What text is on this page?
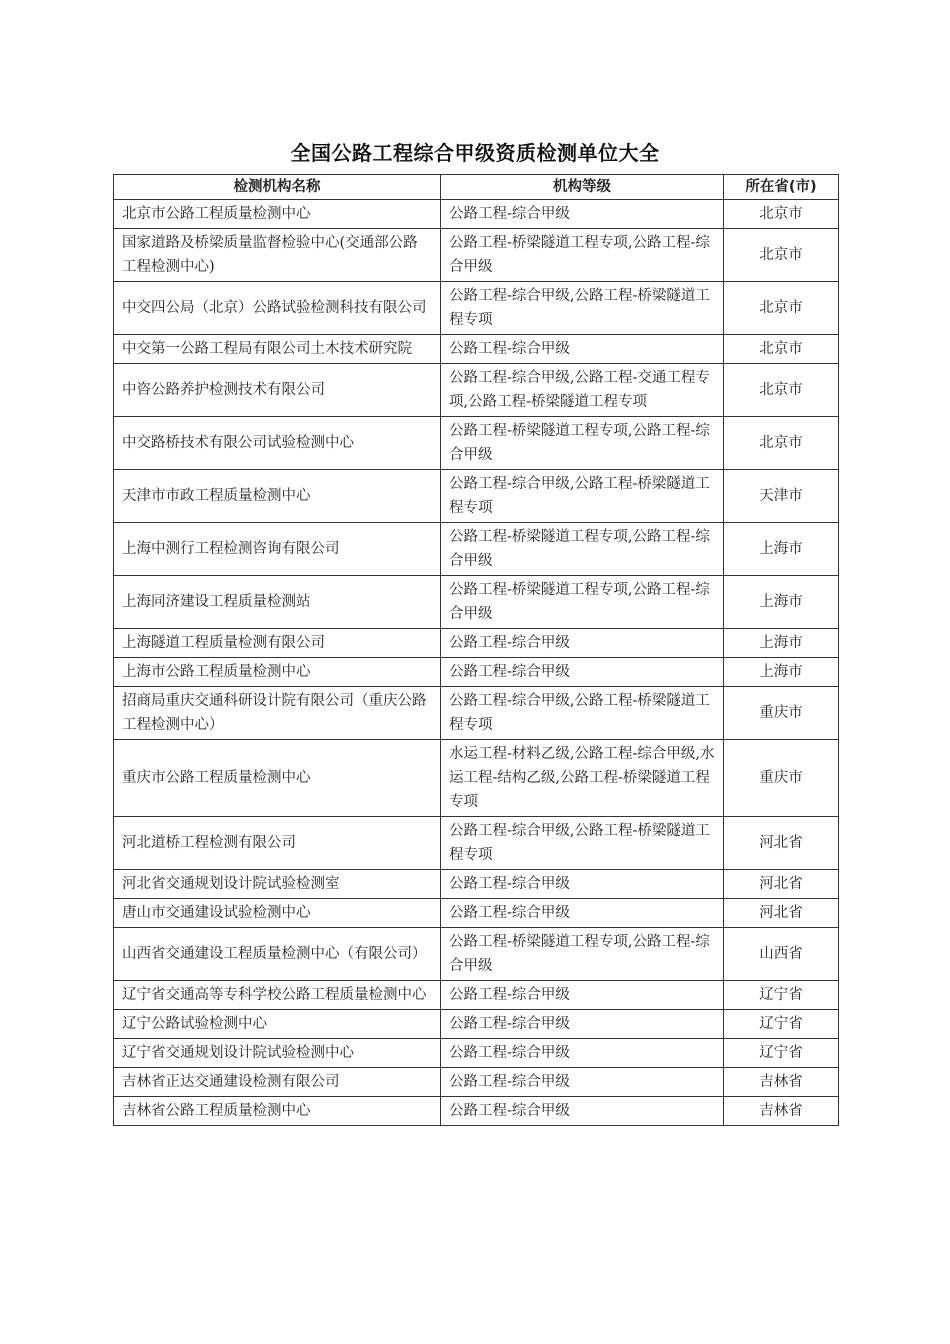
全国公路工程综合甲级资质检测单位大全
检测机构名称	机构等级	所在省(市)
北京市公路工程质量检测中心	公路工程-综合甲级	北京市
国家道路及桥梁质量监督检验中心(交通部公路工程检测中心)	公路工程-桥梁隧道工程专项,公路工程-综合甲级	北京市
中交四公局（北京）公路试验检测科技有限公司	公路工程-综合甲级,公路工程-桥梁隧道工程专项	北京市
中交第一公路工程局有限公司土木技术研究院	公路工程-综合甲级	北京市
中咨公路养护检测技术有限公司	公路工程-综合甲级,公路工程-交通工程专项,公路工程-桥梁隧道工程专项	北京市
中交路桥技术有限公司试验检测中心	公路工程-桥梁隧道工程专项,公路工程-综合甲级	北京市
天津市市政工程质量检测中心	公路工程-综合甲级,公路工程-桥梁隧道工程专项	天津市
上海中测行工程检测咨询有限公司	公路工程-桥梁隧道工程专项,公路工程-综合甲级	上海市
上海同济建设工程质量检测站	公路工程-桥梁隧道工程专项,公路工程-综合甲级	上海市
上海隧道工程质量检测有限公司	公路工程-综合甲级	上海市
上海市公路工程质量检测中心	公路工程-综合甲级	上海市
招商局重庆交通科研设计院有限公司（重庆公路工程检测中心）	公路工程-综合甲级,公路工程-桥梁隧道工程专项	重庆市
重庆市公路工程质量检测中心	水运工程-材料乙级,公路工程-综合甲级,水运工程-结构乙级,公路工程-桥梁隧道工程专项	重庆市
河北道桥工程检测有限公司	公路工程-综合甲级,公路工程-桥梁隧道工程专项	河北省
河北省交通规划设计院试验检测室	公路工程-综合甲级	河北省
唐山市交通建设试验检测中心	公路工程-综合甲级	河北省
山西省交通建设工程质量检测中心（有限公司）	公路工程-桥梁隧道工程专项,公路工程-综合甲级	山西省
辽宁省交通高等专科学校公路工程质量检测中心	公路工程-综合甲级	辽宁省
辽宁公路试验检测中心	公路工程-综合甲级	辽宁省
辽宁省交通规划设计院试验检测中心	公路工程-综合甲级	辽宁省
吉林省正达交通建设检测有限公司	公路工程-综合甲级	吉林省
吉林省公路工程质量检测中心	公路工程-综合甲级	吉林省
